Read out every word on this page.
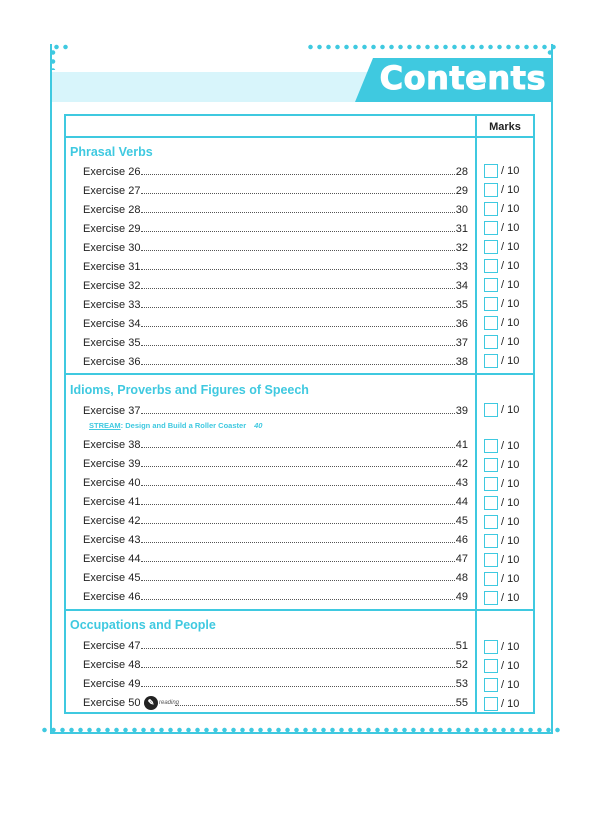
Contents
Marks
Phrasal Verbs
Exercise 26	28	/ 10
Exercise 27	29	/ 10
Exercise 28	30	/ 10
Exercise 29	31	/ 10
Exercise 30	32	/ 10
Exercise 31	33	/ 10
Exercise 32	34	/ 10
Exercise 33	35	/ 10
Exercise 34	36	/ 10
Exercise 35	37	/ 10
Exercise 36	38	/ 10
Idioms, Proverbs and Figures of Speech
Exercise 37	39	/ 10
STREAM: Design and Build a Roller Coaster 40
Exercise 38	41	/ 10
Exercise 39	42	/ 10
Exercise 40	43	/ 10
Exercise 41	44	/ 10
Exercise 42	45	/ 10
Exercise 43	46	/ 10
Exercise 44	47	/ 10
Exercise 45	48	/ 10
Exercise 46	49	/ 10
Occupations and People
Exercise 47	51	/ 10
Exercise 48	52	/ 10
Exercise 49	53	/ 10
Exercise 50	55	/ 10
✎ reading
